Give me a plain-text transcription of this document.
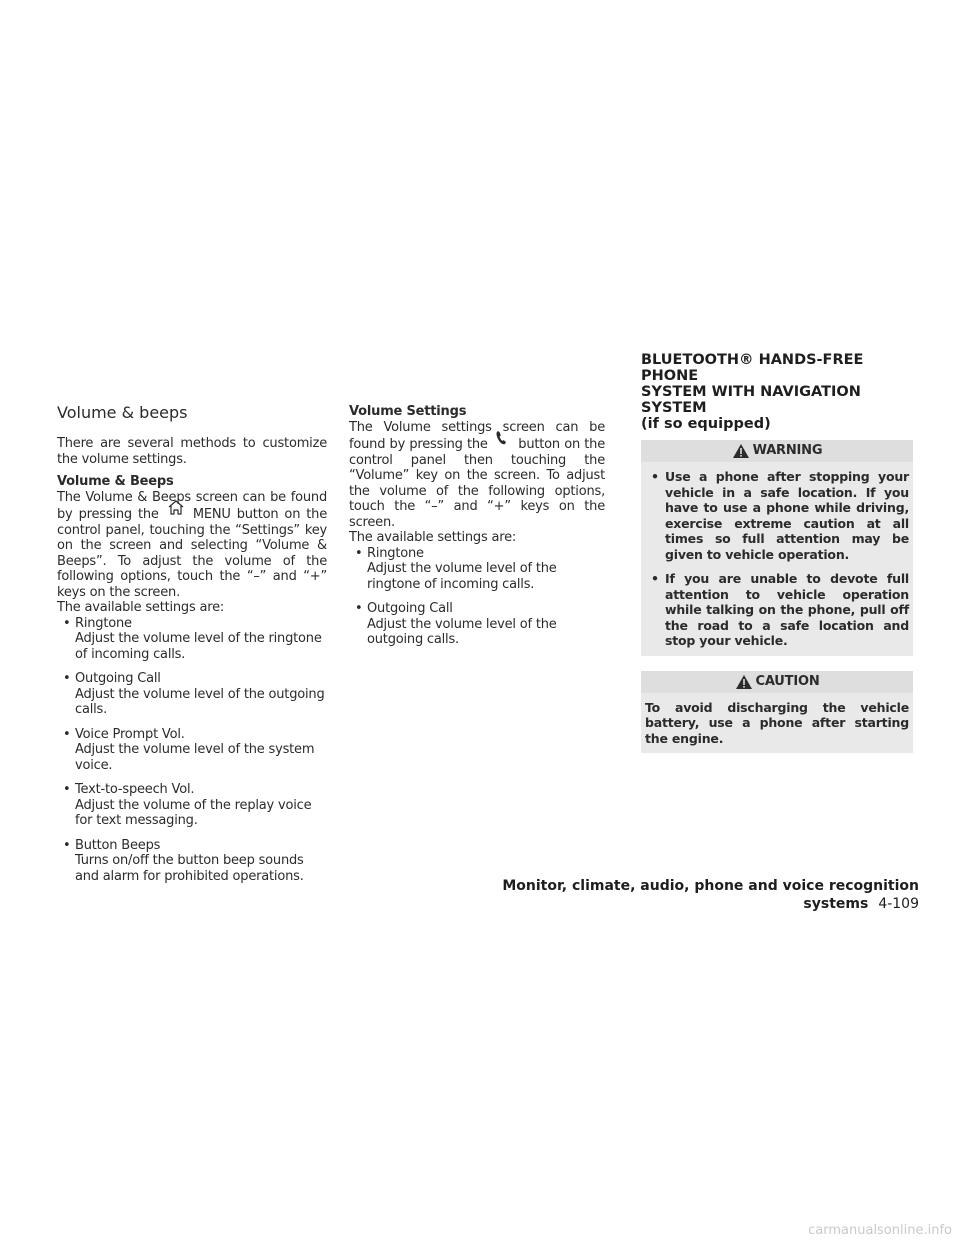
Volume & beeps

There are several methods to customize the volume settings.

Volume & Beeps

The Volume & Beeps screen can be found by pressing the	MENU button on the control panel, touching the “Settings” key on the screen and selecting “Volume & Beeps”. To adjust the volume of the following options, touch the “–” and “+” keys on the screen.

The available settings are:

• Ringtone
Adjust the volume level of the ringtone of incoming calls.
• Outgoing Call
Adjust the volume level of the outgoing calls.
• Voice Prompt Vol.
Adjust the volume level of the system voice.
• Text-to-speech Vol.
Adjust the volume of the replay voice for text messaging.
• Button Beeps
Turns on/off the button beep sounds and alarm for prohibited operations.

Volume Settings

The Volume settings screen can be found by pressing the button on the control panel then touching the “Volume” key on the screen. To adjust the volume of the following options, touch the “–” and “+” keys on the screen.

The available settings are:

• Ringtone
Adjust the volume level of the ringtone of incoming calls.
• Outgoing Call
Adjust the volume level of the outgoing calls.
BLUETOOTH® HANDS-FREE PHONE
SYSTEM WITH NAVIGATION SYSTEM
(if so equipped)
WARNING
• Use a phone after stopping your vehicle in a safe location. If you have to use a phone while driving, exercise extreme caution at all times so full attention may be given to vehicle operation.
• If you are unable to devote full attention to vehicle operation while talking on the phone, pull off the road to a safe location and stop your vehicle.
CAUTION

To avoid discharging the vehicle battery, use a phone after starting the engine.

Monitor, climate, audio, phone and voice recognition systems 4-109
carmanualsonline.info
